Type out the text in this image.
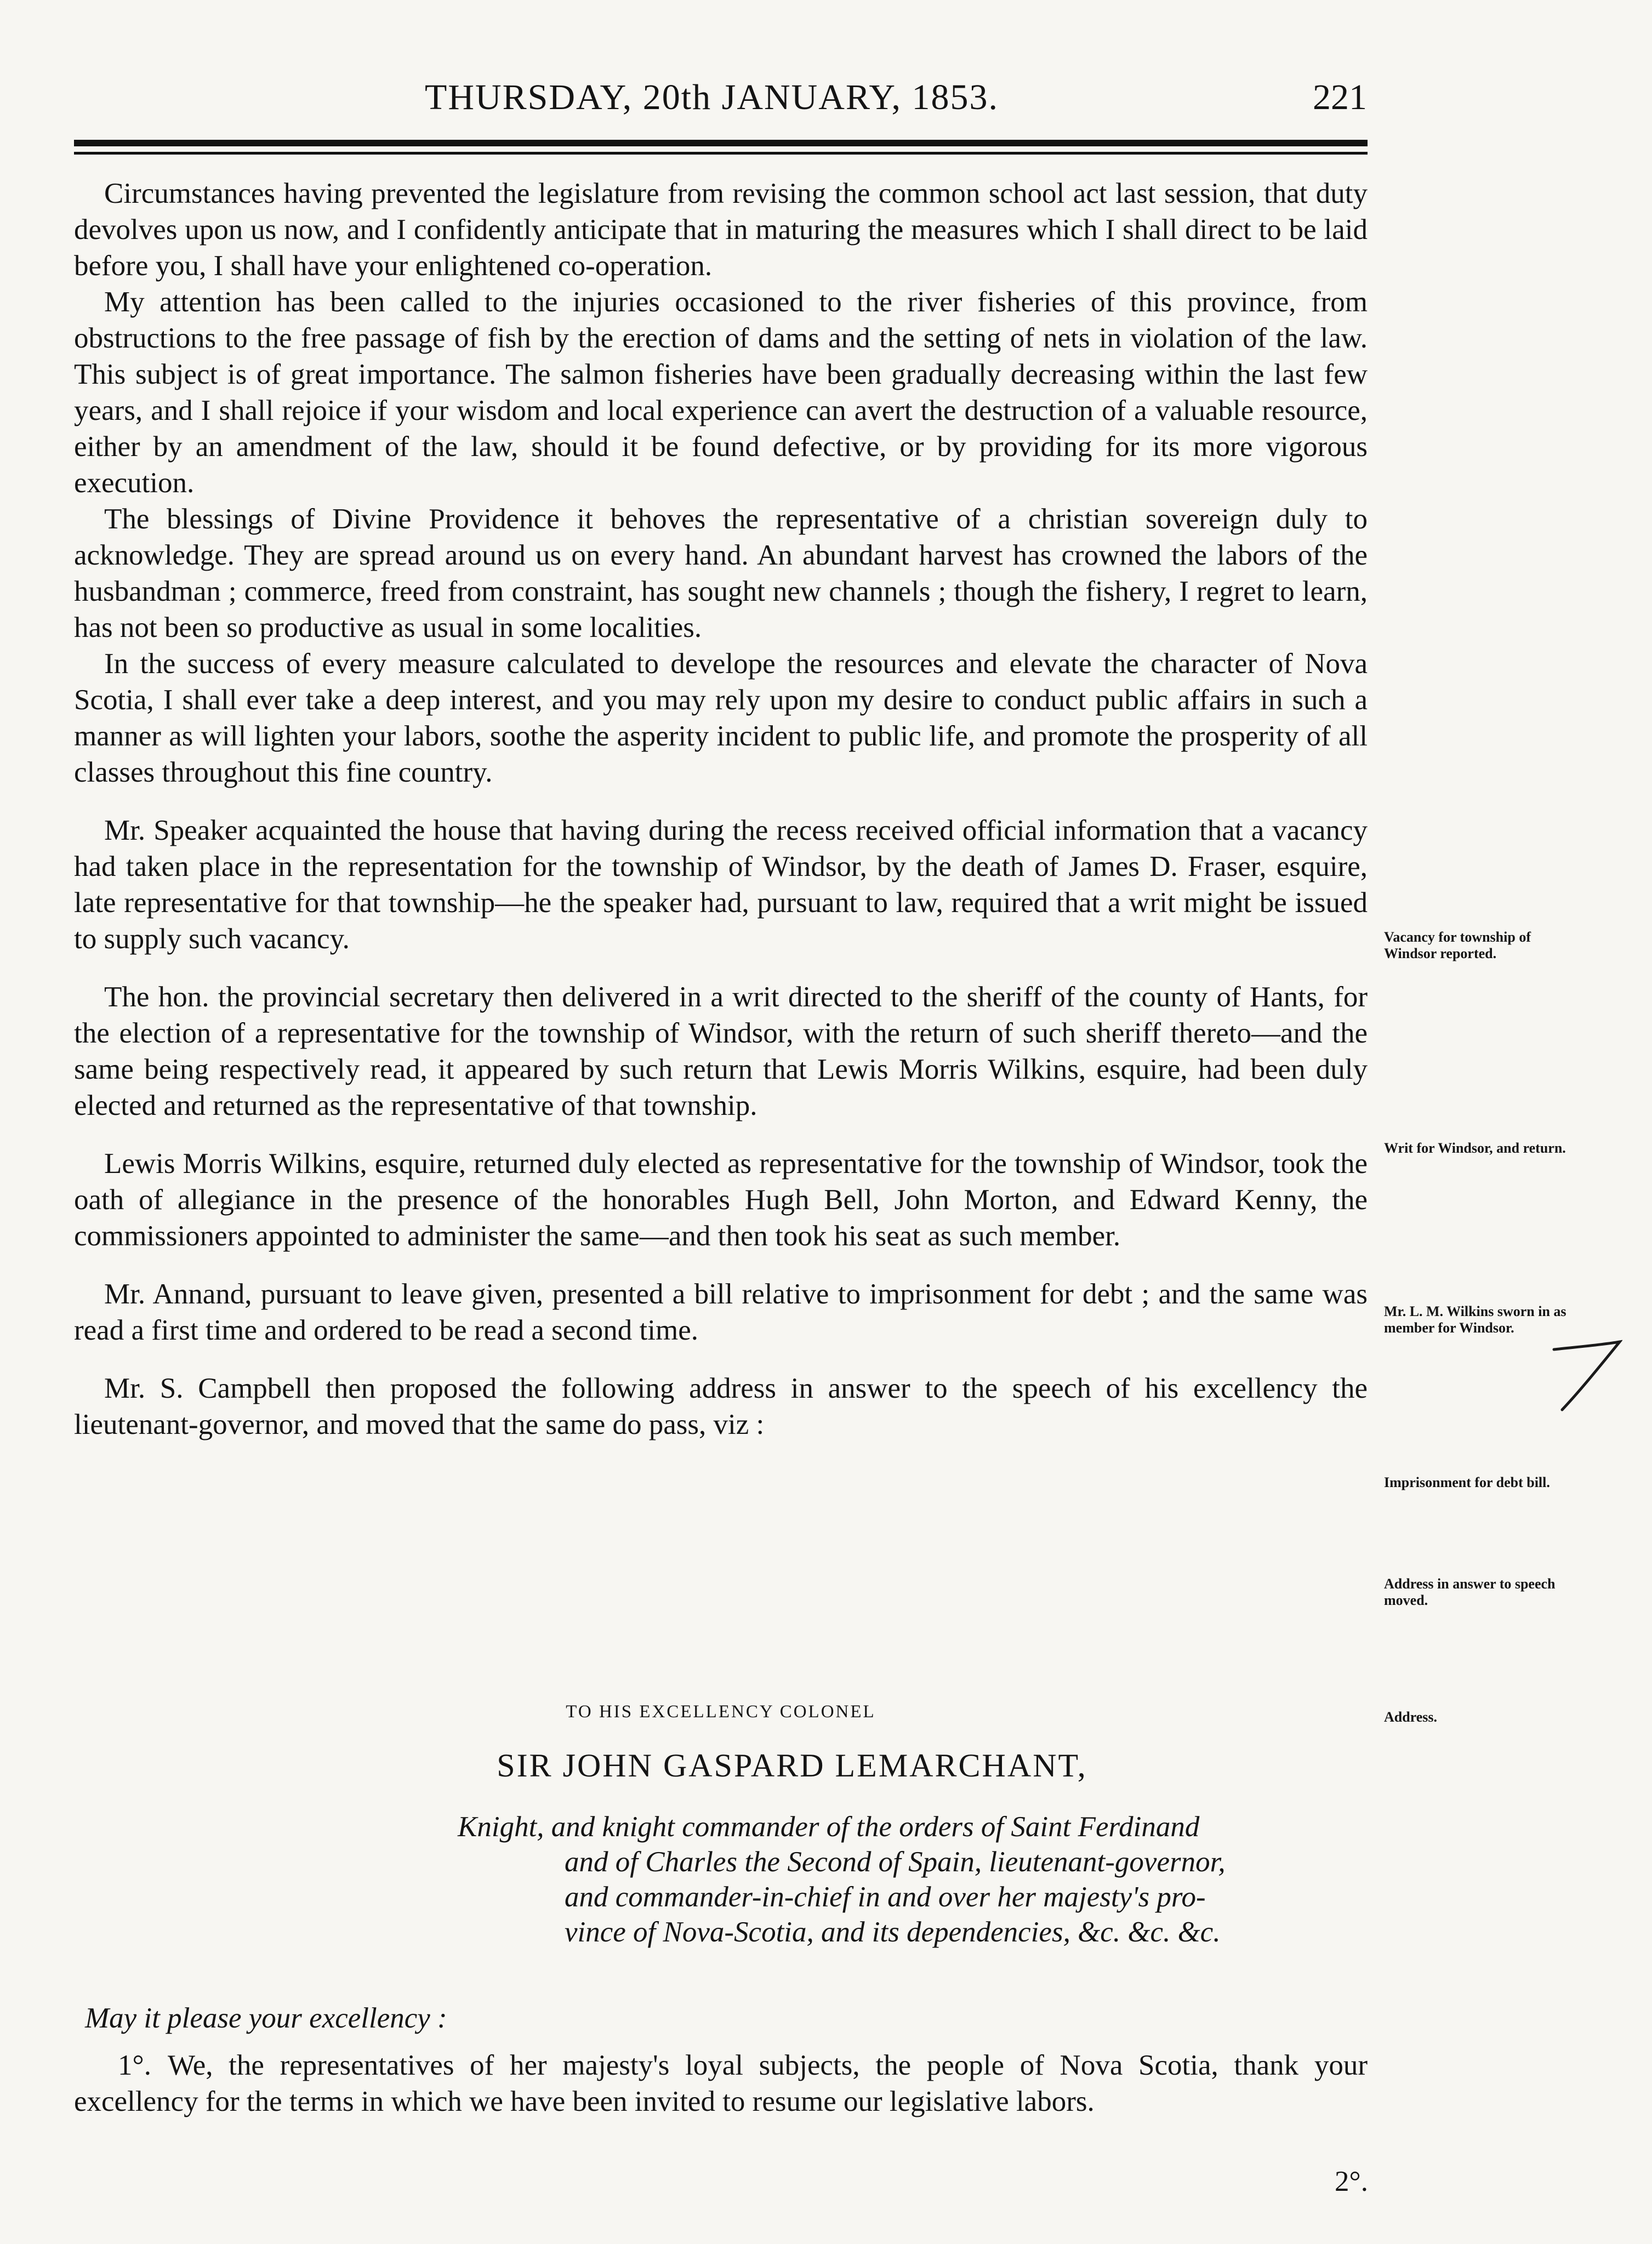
THURSDAY, 20th JANUARY, 1853.	221

Circumstances having prevented the legislature from revising the common school act last session, that duty devolves upon us now, and I confidently anticipate that in maturing the measures which I shall direct to be laid before you, I shall have your enlightened co-operation.

My attention has been called to the injuries occasioned to the river fisheries of this province, from obstructions to the free passage of fish by the erection of dams and the setting of nets in violation of the law. This subject is of great importance. The salmon fisheries have been gradually decreasing within the last few years, and I shall rejoice if your wisdom and local experience can avert the destruction of a valuable resource, either by an amendment of the law, should it be found defective, or by providing for its more vigorous execution.

The blessings of Divine Providence it behoves the representative of a christian sovereign duly to acknowledge. They are spread around us on every hand. An abundant harvest has crowned the labors of the husbandman ; commerce, freed from constraint, has sought new channels ; though the fishery, I regret to learn, has not been so productive as usual in some localities.

In the success of every measure calculated to develope the resources and elevate the character of Nova Scotia, I shall ever take a deep interest, and you may rely upon my desire to conduct public affairs in such a manner as will lighten your labors, soothe the asperity incident to public life, and promote the prosperity of all classes throughout this fine country.

Mr. Speaker acquainted the house that having during the recess received official information that a vacancy had taken place in the representation for the township of Windsor, by the death of James D. Fraser, esquire, late representative for that township—he the speaker had, pursuant to law, required that a writ might be issued to supply such vacancy.

The hon. the provincial secretary then delivered in a writ directed to the sheriff of the county of Hants, for the election of a representative for the township of Windsor, with the return of such sheriff thereto—and the same being respectively read, it appeared by such return that Lewis Morris Wilkins, esquire, had been duly elected and returned as the representative of that township.

Lewis Morris Wilkins, esquire, returned duly elected as representative for the township of Windsor, took the oath of allegiance in the presence of the honorables Hugh Bell, John Morton, and Edward Kenny, the commissioners appointed to administer the same—and then took his seat as such member.

Mr. Annand, pursuant to leave given, presented a bill relative to imprisonment for debt ; and the same was read a first time and ordered to be read a second time.

Mr. S. Campbell then proposed the following address in answer to the speech of his excellency the lieutenant-governor, and moved that the same do pass, viz :

Vacancy for township of Windsor reported.
Writ for Windsor, and return.
Mr. L. M. Wilkins sworn in as member for Windsor.
Imprisonment for debt bill.
Address in answer to speech moved.
Address.
TO HIS EXCELLENCY COLONEL
SIR JOHN GASPARD LEMARCHANT,
Knight, and knight commander of the orders of Saint Ferdinand
and of Charles the Second of Spain, lieutenant-governor,
and commander-in-chief in and over her majesty's pro-
vince of Nova-Scotia, and its dependencies, &c. &c. &c.
May it please your excellency :

1°. We, the representatives of her majesty's loyal subjects, the people of Nova Scotia, thank your excellency for the terms in which we have been invited to resume our legislative labors.

2°.
